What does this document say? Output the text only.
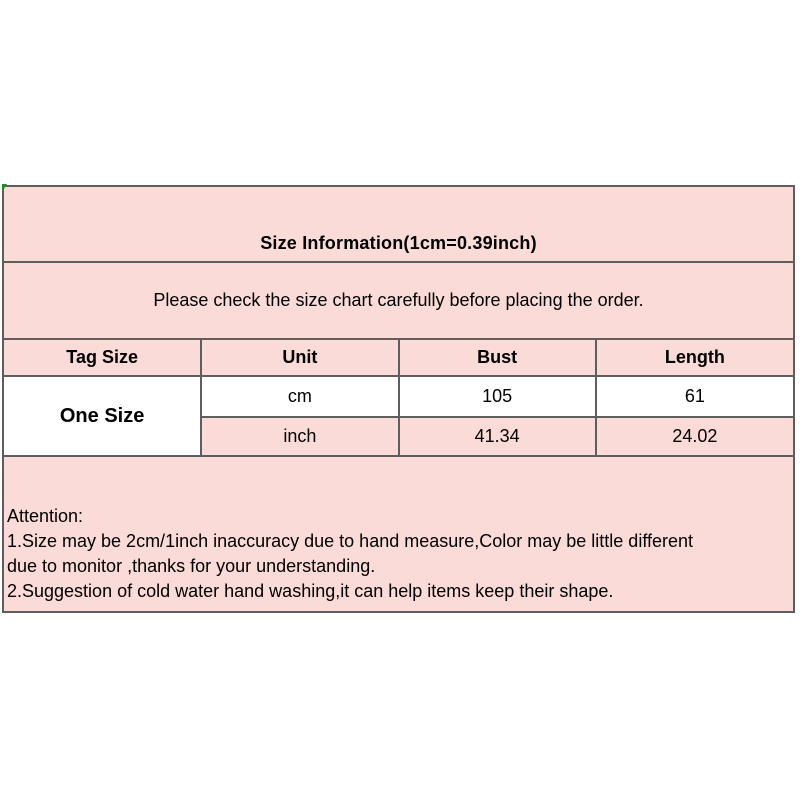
Size Information(1cm=0.39inch)
Please check the size chart carefully before placing the order.
Tag Size	Unit	Bust	Length
One Size	cm	105	61
	inch	41.34	24.02
Attention:
1.Size may be 2cm/1inch inaccuracy due to hand measure,Color may be little different
due to monitor ,thanks for your understanding.
2.Suggestion of cold water hand washing,it can help items keep their shape.
